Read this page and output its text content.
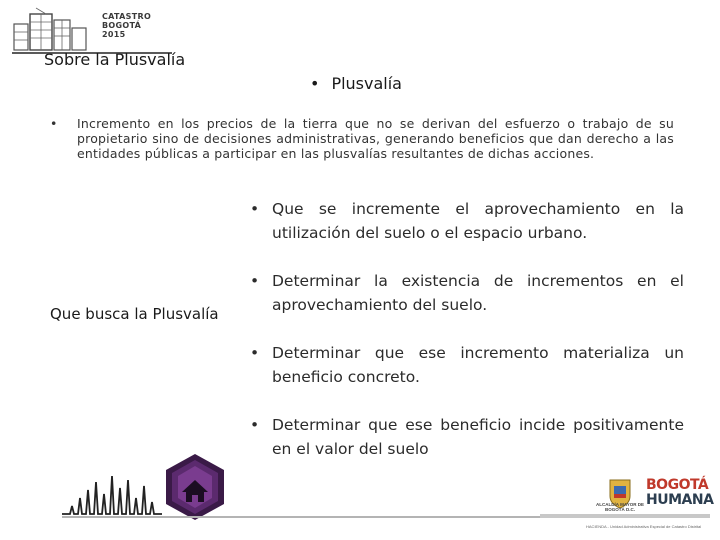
CATASTRO
BOGOTÁ
2015
Sobre la Plusvalía
• Plusvalía
• Incremento en los precios de la tierra que no se derivan del esfuerzo o trabajo de su propietario sino de decisiones administrativas, generando beneficios que dan derecho a las entidades públicas a participar en las plusvalías resultantes de dichas acciones.
Que busca la Plusvalía
• Que se incremente el aprovechamiento en la utilización del suelo o el espacio urbano.
• Determinar la existencia de incrementos en el aprovechamiento del suelo.
• Determinar que ese incremento materializa un beneficio concreto.
• Determinar que ese beneficio incide positivamente en el valor del suelo
ALCALDÍA MAYOR DE BOGOTÁ D.C.
BOGOTÁ
HUMANA
HACIENDA - Unidad Administrativa Especial de Catastro Distrital
